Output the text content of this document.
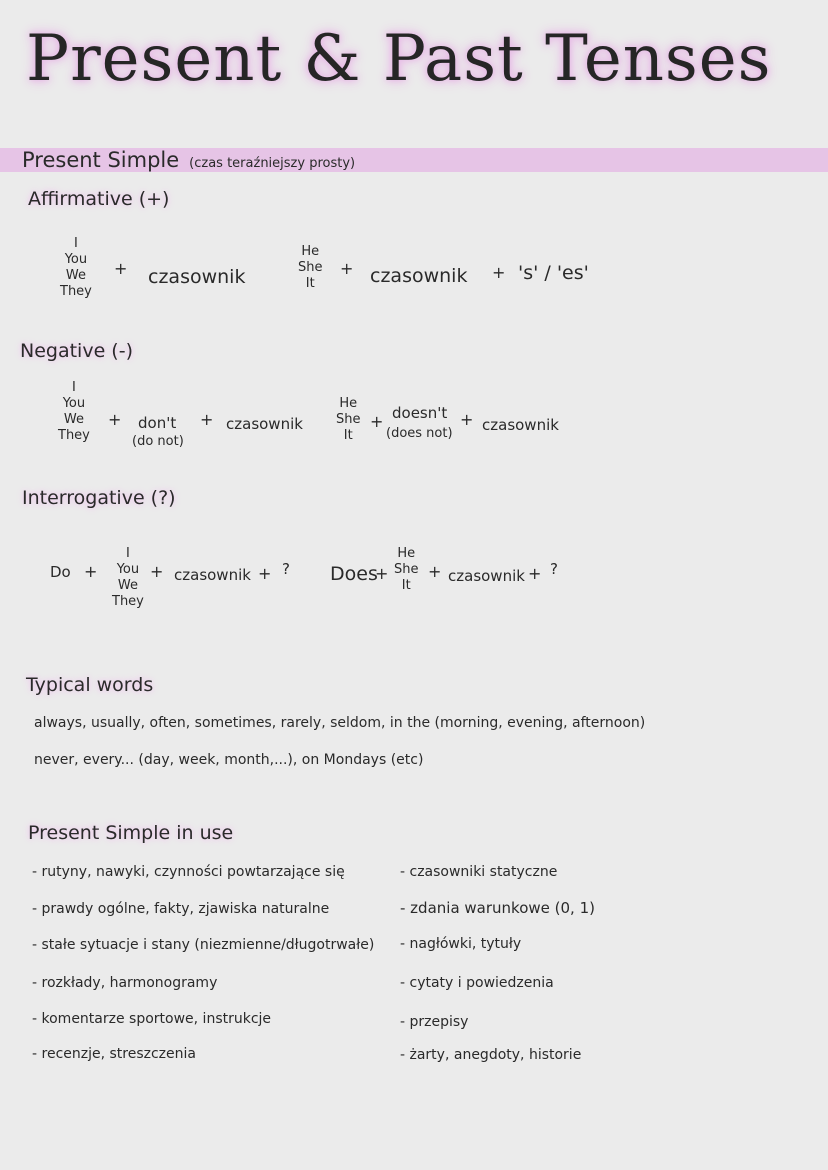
Present & Past Tenses
Present Simple (czas teraźniejszy prosty)
Affirmative (+)
I
You
We
They
+ czasownik
He
She
It
+ czasownik + 's' / 'es'
Negative (-)
I
You
We
They
+ don't
(do not)
+ czasownik
He
She
It
+ doesn't
(does not)
+ czasownik
Interrogative (?)
Do +
I
You
We
They
+ czasownik + ? Does
+
He
She
It
+ czasownik + ?
Typical words
always, usually, often, sometimes, rarely, seldom, in the (morning, evening, afternoon)
never, every... (day, week, month,...), on Mondays (etc)
Present Simple in use
- rutyny, nawyki, czynności powtarzające się
- prawdy ogólne, fakty, zjawiska naturalne
- stałe sytuacje i stany (niezmienne/długotrwałe)
- rozkłady, harmonogramy
- komentarze sportowe, instrukcje
- recenzje, streszczenia
- czasowniki statyczne
- zdania warunkowe (0, 1)
- nagłówki, tytuły
- cytaty i powiedzenia
- przepisy
- żarty, anegdoty, historie
